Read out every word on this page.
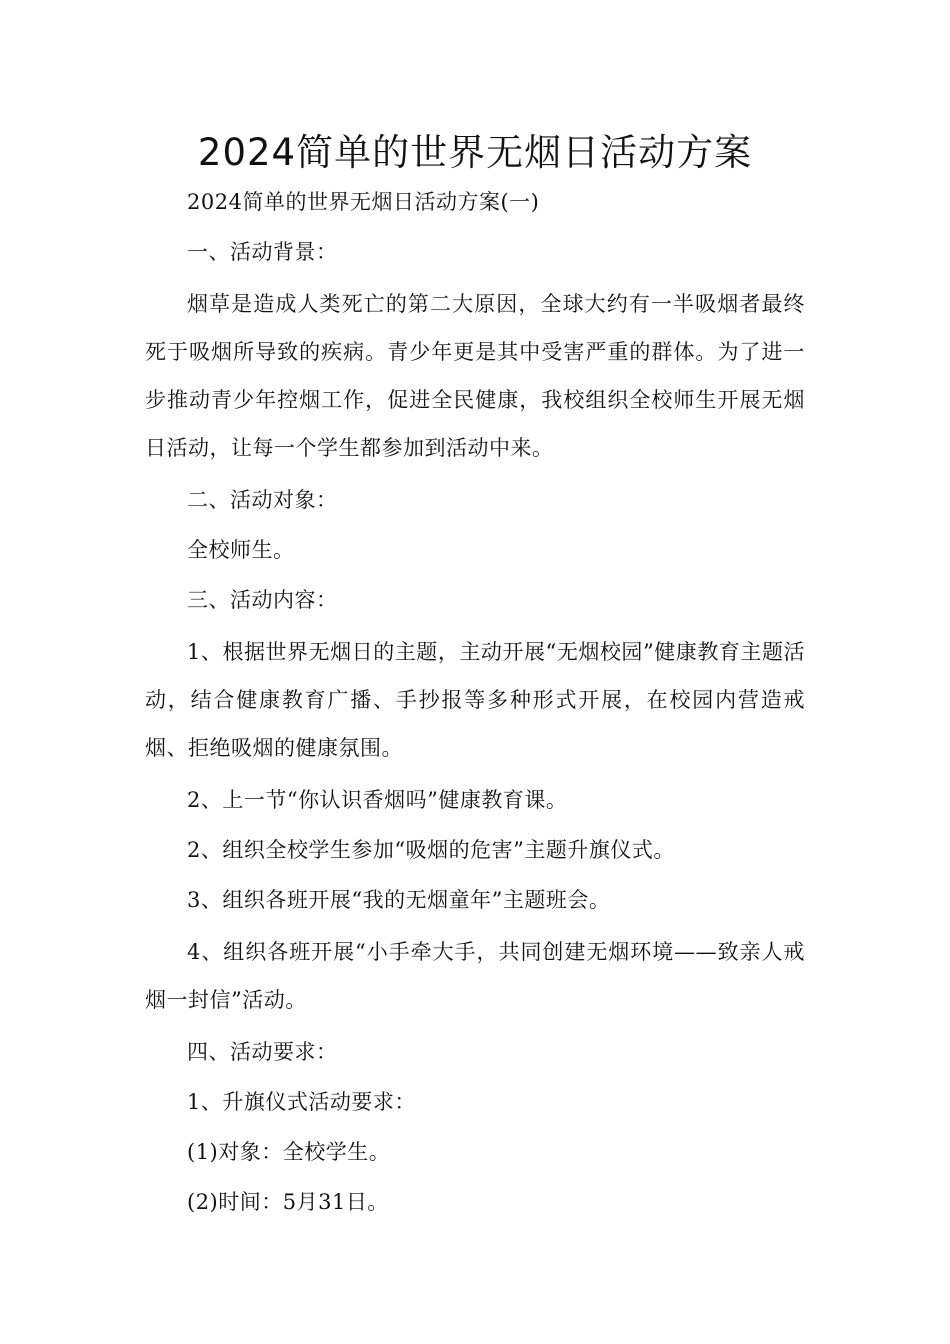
2024简单的世界无烟日活动方案

2024简单的世界无烟日活动方案(一)

一、活动背景：

烟草是造成人类死亡的第二大原因，全球大约有一半吸烟者最终死于吸烟所导致的疾病。青少年更是其中受害严重的群体。为了进一步推动青少年控烟工作，促进全民健康，我校组织全校师生开展无烟日活动，让每一个学生都参加到活动中来。

二、活动对象：

全校师生。

三、活动内容：

1、根据世界无烟日的主题，主动开展“无烟校园”健康教育主题活动，结合健康教育广播、手抄报等多种形式开展，在校园内营造戒烟、拒绝吸烟的健康氛围。

2、上一节“你认识香烟吗”健康教育课。

2、组织全校学生参加“吸烟的危害”主题升旗仪式。

3、组织各班开展“我的无烟童年”主题班会。

4、组织各班开展“小手牵大手，共同创建无烟环境——致亲人戒烟一封信”活动。

四、活动要求：

1、升旗仪式活动要求：

(1)对象：全校学生。

(2)时间：5月31日。
